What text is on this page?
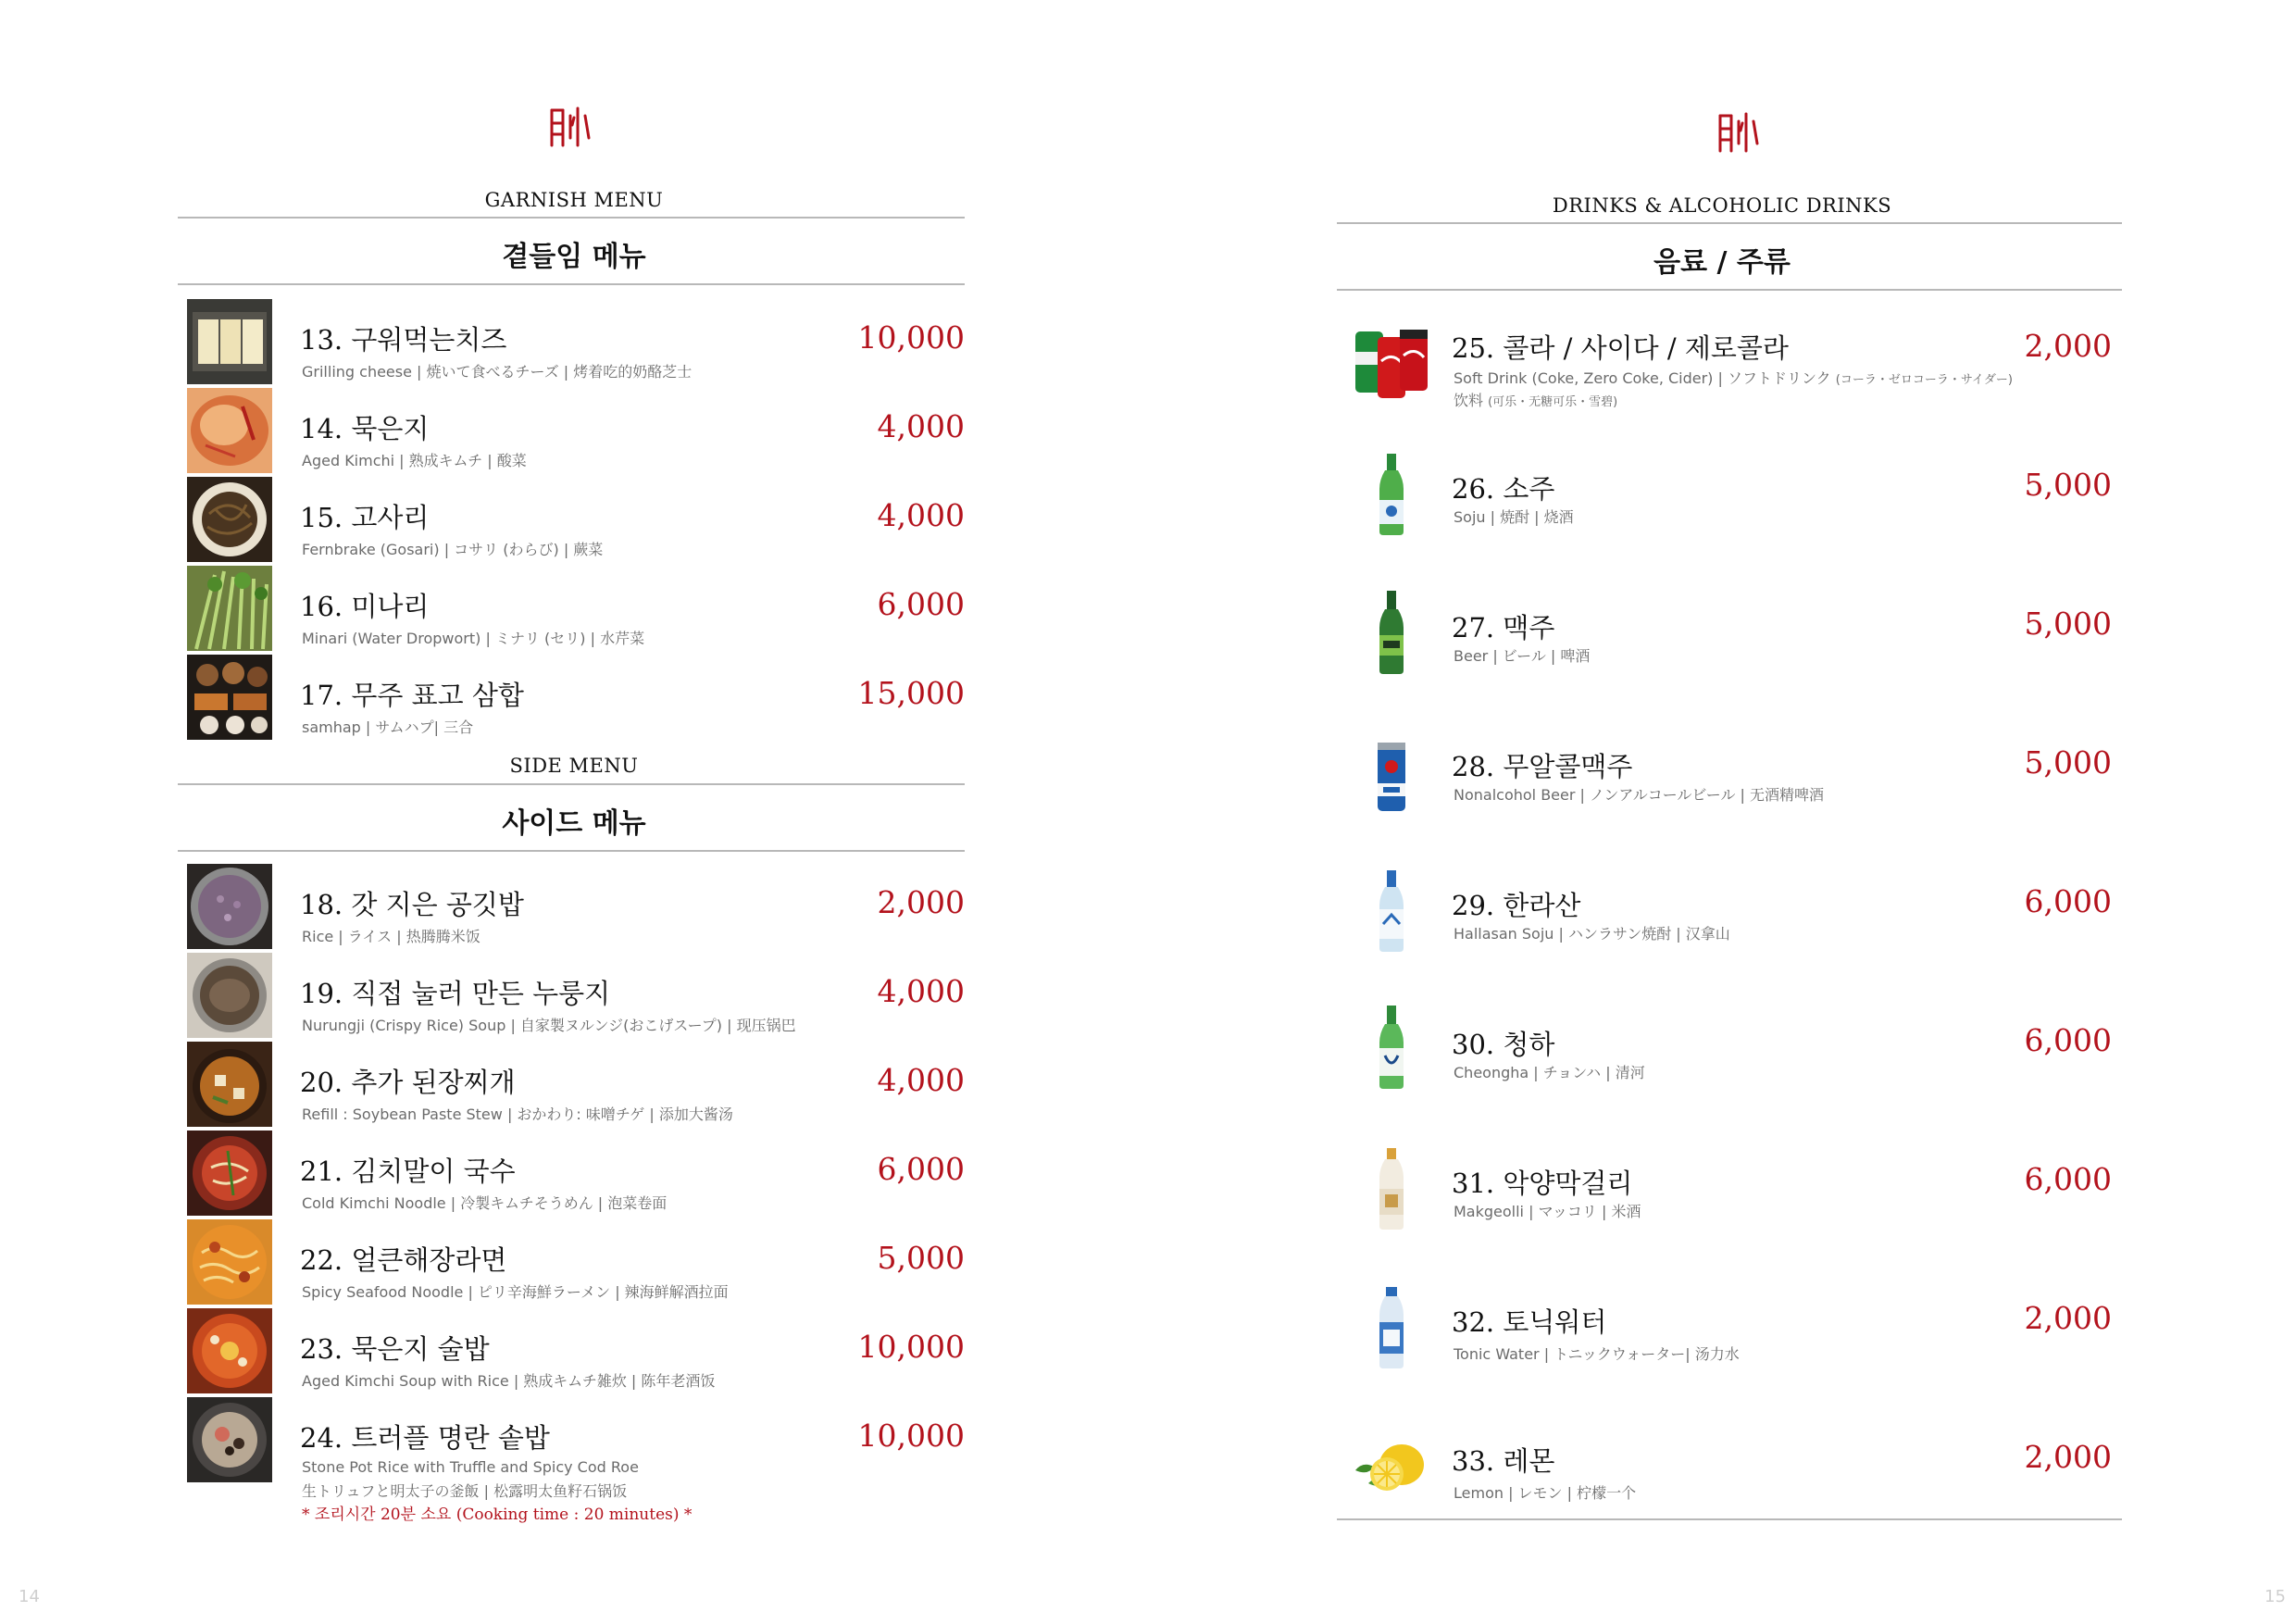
GARNISH MENU
곁들임 메뉴
13. 구워먹는치즈
Grilling cheese | 焼いて食べるチーズ | 烤着吃的奶酪芝士
10,000
14. 묵은지
Aged Kimchi | 熟成キムチ | 酸菜
4,000
15. 고사리
Fernbrake (Gosari) | コサリ (わらび) | 蕨菜
4,000
16. 미나리
Minari (Water Dropwort) | ミナリ (セリ) | 水芹菜
6,000
17. 무주 표고 삼합
samhap | サムハプ| 三合
15,000
SIDE MENU
사이드 메뉴
18. 갓 지은 공깃밥
Rice | ライス | 热腾腾米饭
2,000
19. 직접 눌러 만든 누룽지
Nurungji (Crispy Rice) Soup | 自家製ヌルンジ(おこげスープ) | 现压锅巴
4,000
20. 추가 된장찌개
Refill : Soybean Paste Stew | おかわり: 味噌チゲ | 添加大酱汤
4,000
21. 김치말이 국수
Cold Kimchi Noodle | 冷製キムチそうめん | 泡菜卷面
6,000
22. 얼큰해장라면
Spicy Seafood Noodle | ピリ辛海鮮ラーメン | 辣海鲜解酒拉面
5,000
23. 묵은지 술밥
Aged Kimchi Soup with Rice | 熟成キムチ雑炊 | 陈年老酒饭
10,000
24. 트러플 명란 솥밥
Stone Pot Rice with Truffle and Spicy Cod Roe
生トリュフと明太子の釜飯 | 松露明太鱼籽石锅饭
* 조리시간 20분 소요 (Cooking time : 20 minutes) *
10,000
14
DRINKS & ALCOHOLIC DRINKS
음료 / 주류
25. 콜라 / 사이다 / 제로콜라
Soft Drink (Coke, Zero Coke, Cider) | ソフトドリンク (コーラ・ゼロコーラ・サイダー)
饮料 (可乐・无糖可乐・雪碧)
2,000
26. 소주
Soju | 焼酎 | 烧酒
5,000
27. 맥주
Beer | ビール | 啤酒
5,000
28. 무알콜맥주
Nonalcohol Beer | ノンアルコールビール | 无酒精啤酒
5,000
29. 한라산
Hallasan Soju | ハンラサン焼酎 | 汉拿山
6,000
30. 청하
Cheongha | チョンハ | 清河
6,000
31. 악양막걸리
Makgeolli | マッコリ | 米酒
6,000
32. 토닉워터
Tonic Water | トニックウォーター| 汤力水
2,000
33. 레몬
Lemon | レモン | 柠檬一个
2,000
15
